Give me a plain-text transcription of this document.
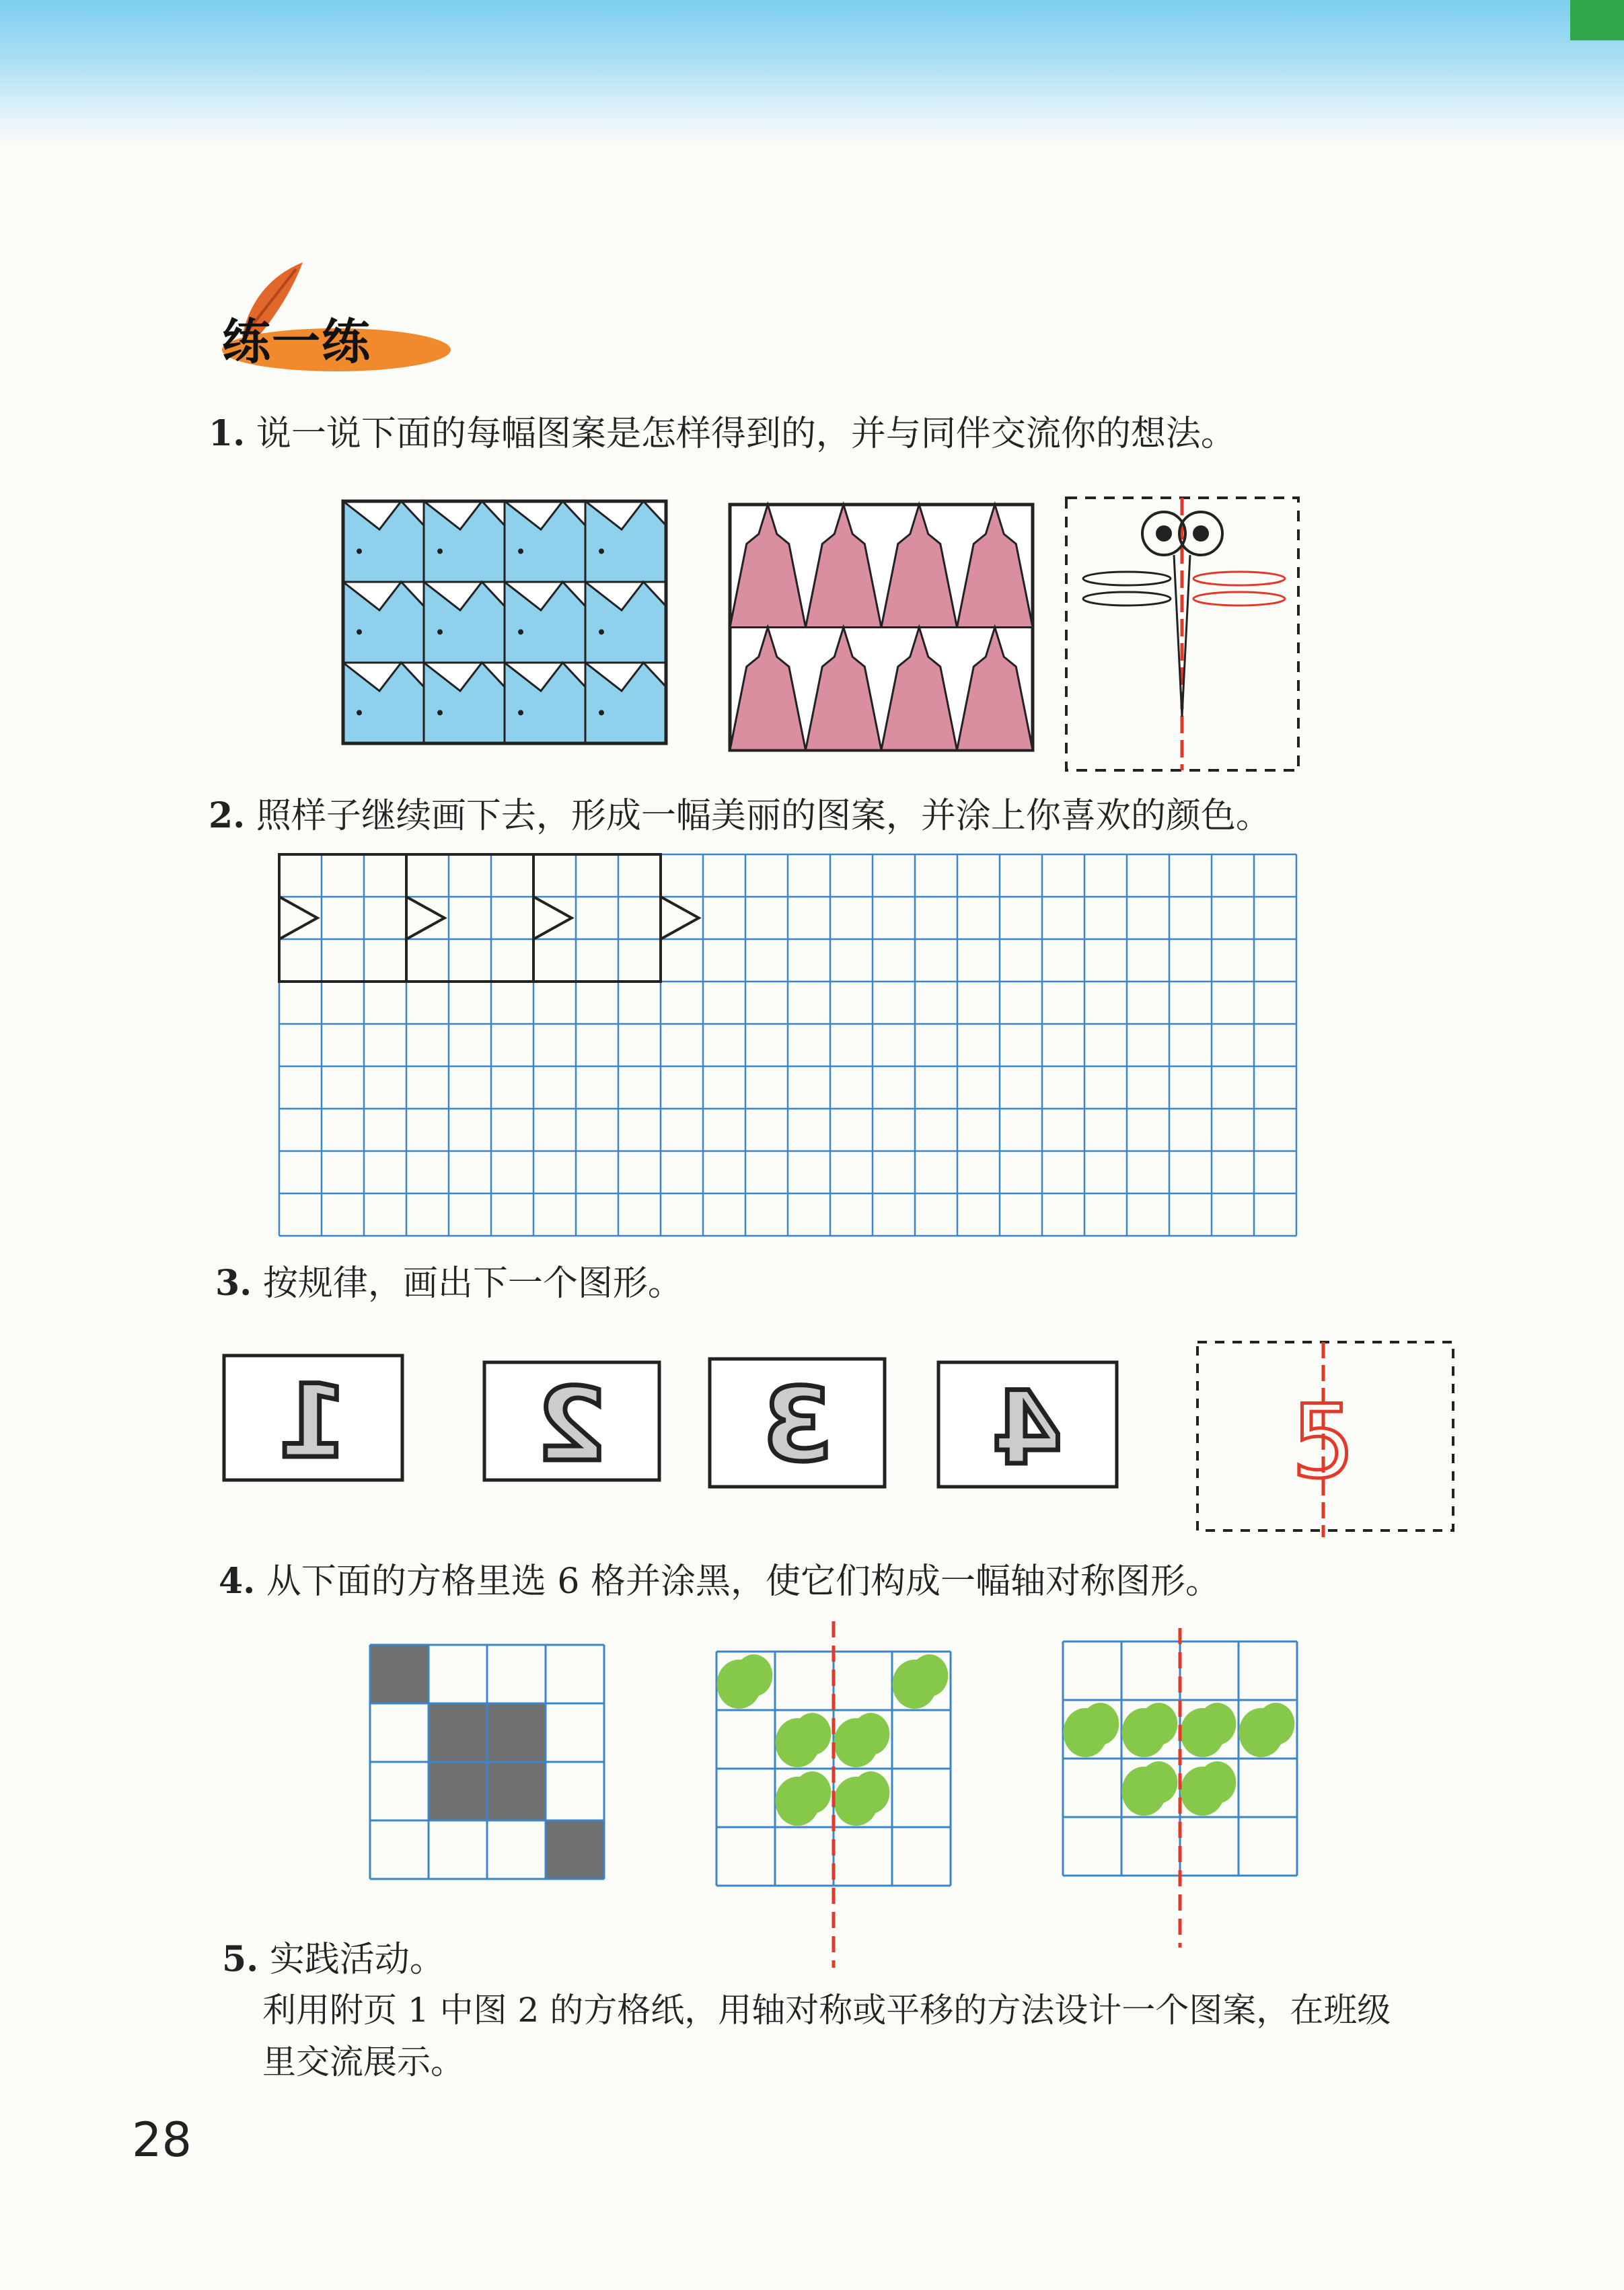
练一练
1. 说一说下面的每幅图案是怎样得到的，并与同伴交流你的想法。
2. 照样子继续画下去，形成一幅美丽的图案，并涂上你喜欢的颜色。
3. 按规律，画出下一个图形。
1 2 3 4 5
4. 从下面的方格里选 6 格并涂黑，使它们构成一幅轴对称图形。
5. 实践活动。
利用附页 1 中图 2 的方格纸，用轴对称或平移的方法设计一个图案，在班级
里交流展示。
28
